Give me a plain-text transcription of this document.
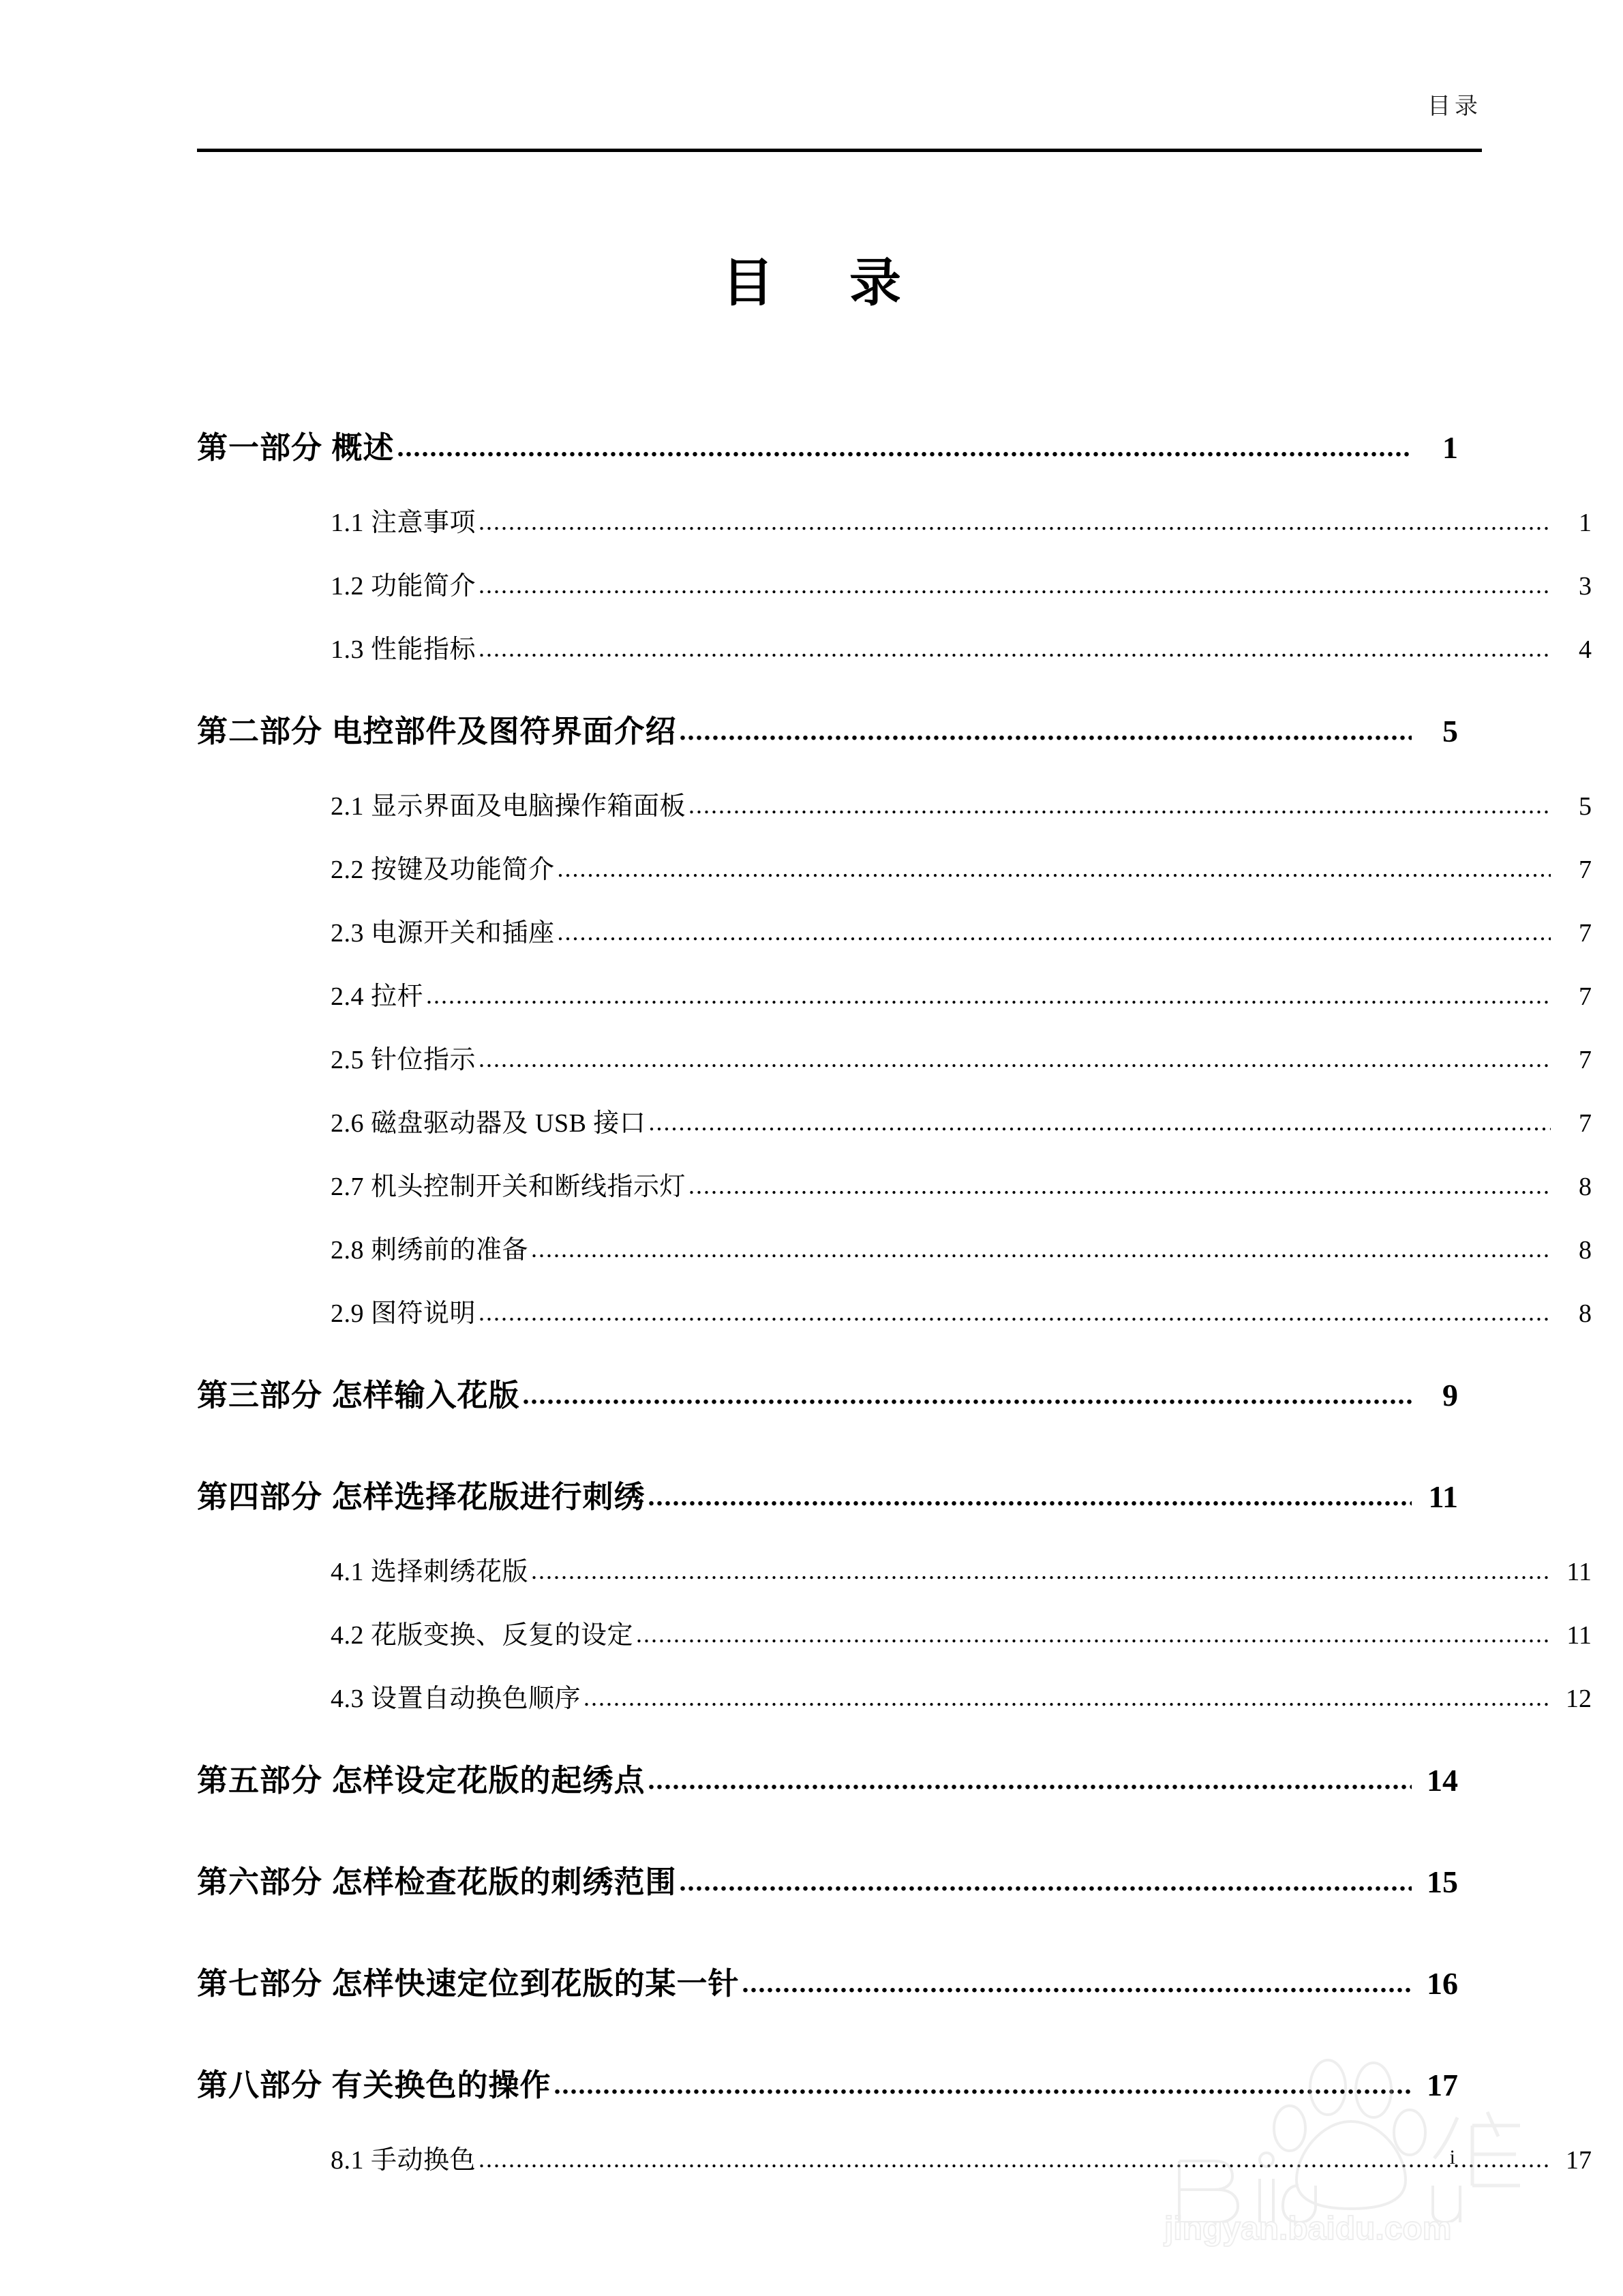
目录
目 录
第一部分 概述 .....	1
1.1 注意事项 .....	1
1.2 功能简介 .....	3
1.3 性能指标 .....	4
第二部分 电控部件及图符界面介绍 .....	5
2.1 显示界面及电脑操作箱面板 .....	5
2.2 按键及功能简介 .....	7
2.3 电源开关和插座 .....	7
2.4 拉杆 .....	7
2.5 针位指示 .....	7
2.6 磁盘驱动器及 USB 接口 .....	7
2.7 机头控制开关和断线指示灯 .....	8
2.8 刺绣前的准备 .....	8
2.9 图符说明 .....	8
第三部分 怎样输入花版 .....	9
第四部分 怎样选择花版进行刺绣 .....	11
4.1 选择刺绣花版 .....	11
4.2 花版变换、反复的设定 .....	11
4.3 设置自动换色顺序 .....	12
第五部分 怎样设定花版的起绣点 .....	14
第六部分 怎样检查花版的刺绣范围 .....	15
第七部分 怎样快速定位到花版的某一针 .....	16
第八部分 有关换色的操作 .....	17
8.1 手动换色 .....	17
jingyan.baidu.com
i
